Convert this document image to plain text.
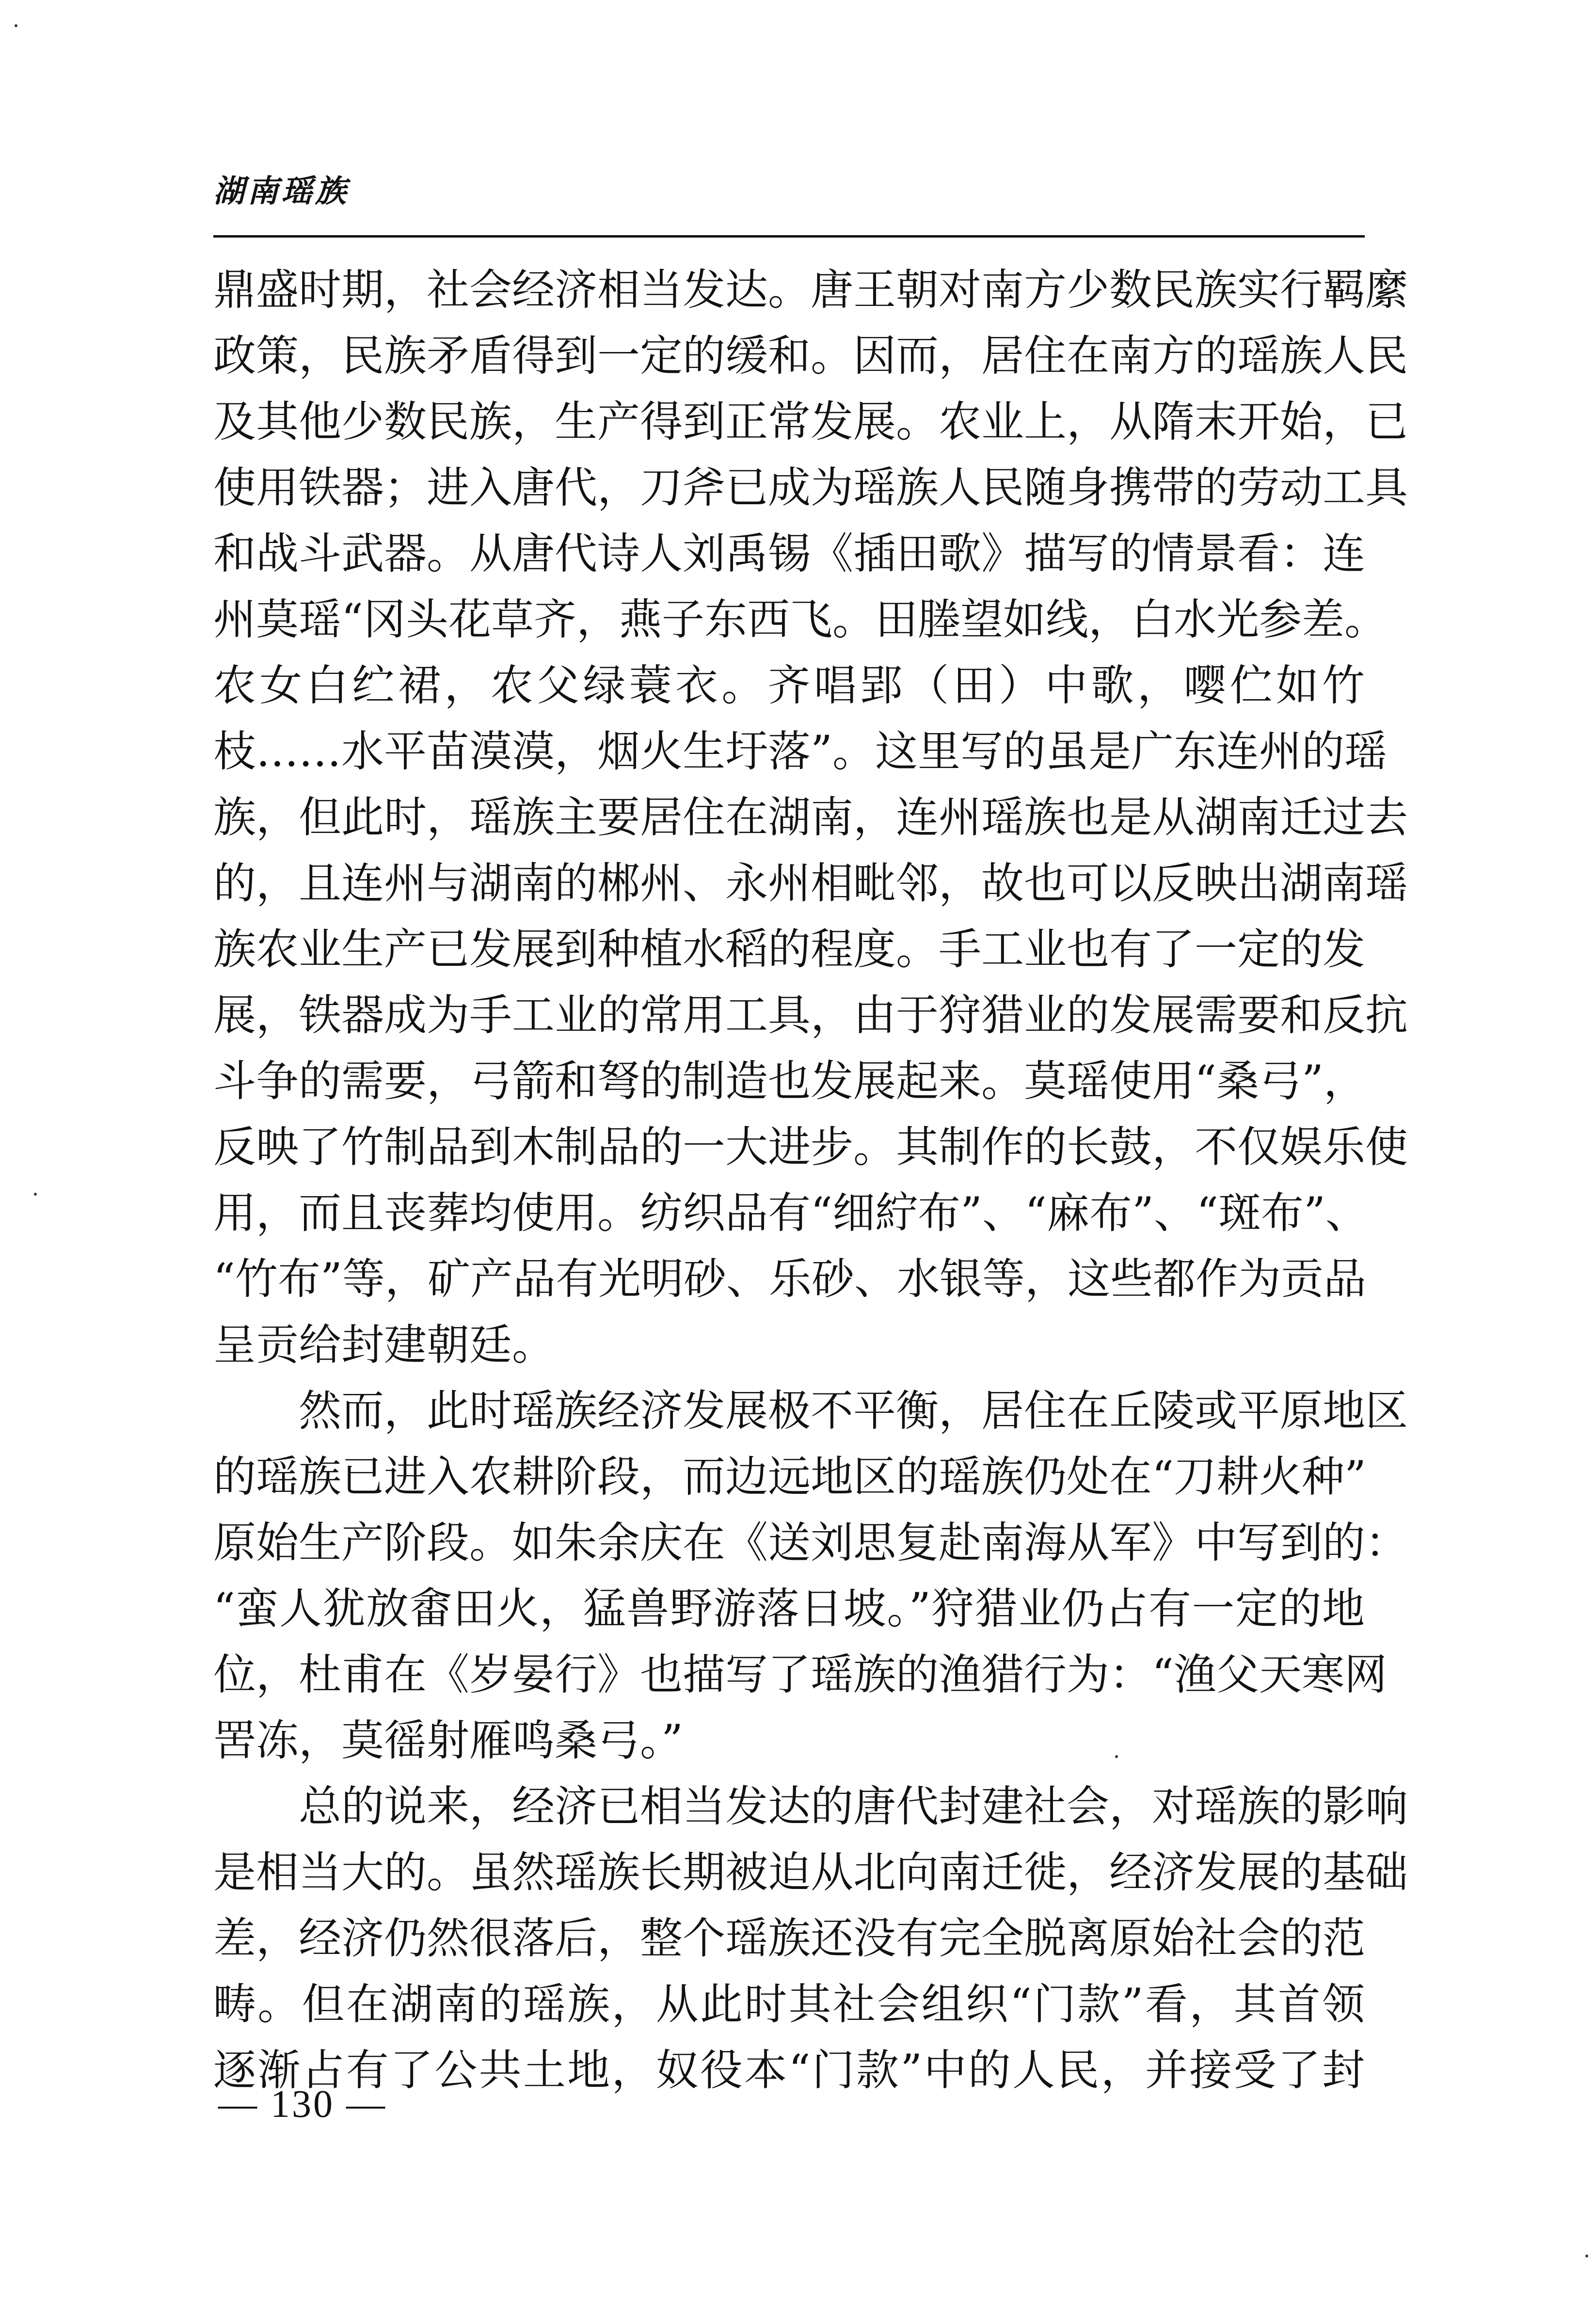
湖南瑶族
鼎盛时期，社会经济相当发达。唐王朝对南方少数民族实行羁縻
政策，民族矛盾得到一定的缓和。因而，居住在南方的瑶族人民
及其他少数民族，生产得到正常发展。农业上，从隋末开始，已
使用铁器；进入唐代，刀斧已成为瑶族人民随身携带的劳动工具
和战斗武器。从唐代诗人刘禹锡《插田歌》描写的情景看：连
州莫瑶“冈头花草齐，燕子东西飞。田塍望如线，白水光参差。
农女白纻裙，农父绿蓑衣。齐唱郢（田）中歌，嘤伫如竹
枝……水平苗漠漠，烟火生圩落”。这里写的虽是广东连州的瑶
族，但此时，瑶族主要居住在湖南，连州瑶族也是从湖南迁过去
的，且连州与湖南的郴州、永州相毗邻，故也可以反映出湖南瑶
族农业生产已发展到种植水稻的程度。手工业也有了一定的发
展，铁器成为手工业的常用工具，由于狩猎业的发展需要和反抗
斗争的需要，弓箭和弩的制造也发展起来。莫瑶使用“桑弓”，
反映了竹制品到木制品的一大进步。其制作的长鼓，不仅娱乐使
用，而且丧葬均使用。纺织品有“细紵布”、“麻布”、“斑布”、
“竹布”等，矿产品有光明砂、乐砂、水银等，这些都作为贡品
呈贡给封建朝廷。
然而，此时瑶族经济发展极不平衡，居住在丘陵或平原地区
的瑶族已进入农耕阶段，而边远地区的瑶族仍处在“刀耕火种”
原始生产阶段。如朱余庆在《送刘思复赴南海从军》中写到的：
“蛮人犹放畬田火，猛兽野游落日坡。”狩猎业仍占有一定的地
位，杜甫在《岁晏行》也描写了瑶族的渔猎行为：“渔父天寒网
罟冻，莫徭射雁鸣桑弓。”
总的说来，经济已相当发达的唐代封建社会，对瑶族的影响
是相当大的。虽然瑶族长期被迫从北向南迁徙，经济发展的基础
差，经济仍然很落后，整个瑶族还没有完全脱离原始社会的范
畴。但在湖南的瑶族，从此时其社会组织“门款”看，其首领
逐渐占有了公共土地，奴役本“门款”中的人民，并接受了封
— 130 —
